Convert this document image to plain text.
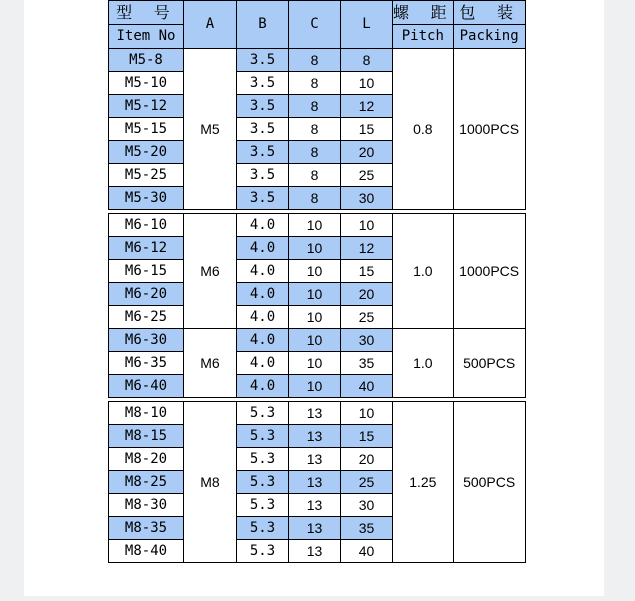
型 号	A	B	C	L	螺 距	包 装
Item No					Pitch	Packing
M5-8	M5	3.5	8	8	0.8	1000PCS
M5-10		3.5	8	10		
M5-12		3.5	8	12		
M5-15		3.5	8	15		
M5-20		3.5	8	20		
M5-25		3.5	8	25		
M5-30		3.5	8	30		

M6-10	M6	4.0	10	10	1.0	1000PCS
M6-12		4.0	10	12		
M6-15		4.0	10	15		
M6-20		4.0	10	20		
M6-25		4.0	10	25		
M6-30	M6	4.0	10	30	1.0	500PCS
M6-35		4.0	10	35		
M6-40		4.0	10	40		

M8-10	M8	5.3	13	10	1.25	500PCS
M8-15		5.3	13	15		
M8-20		5.3	13	20		
M8-25		5.3	13	25		
M8-30		5.3	13	30		
M8-35		5.3	13	35		
M8-40		5.3	13	40		
